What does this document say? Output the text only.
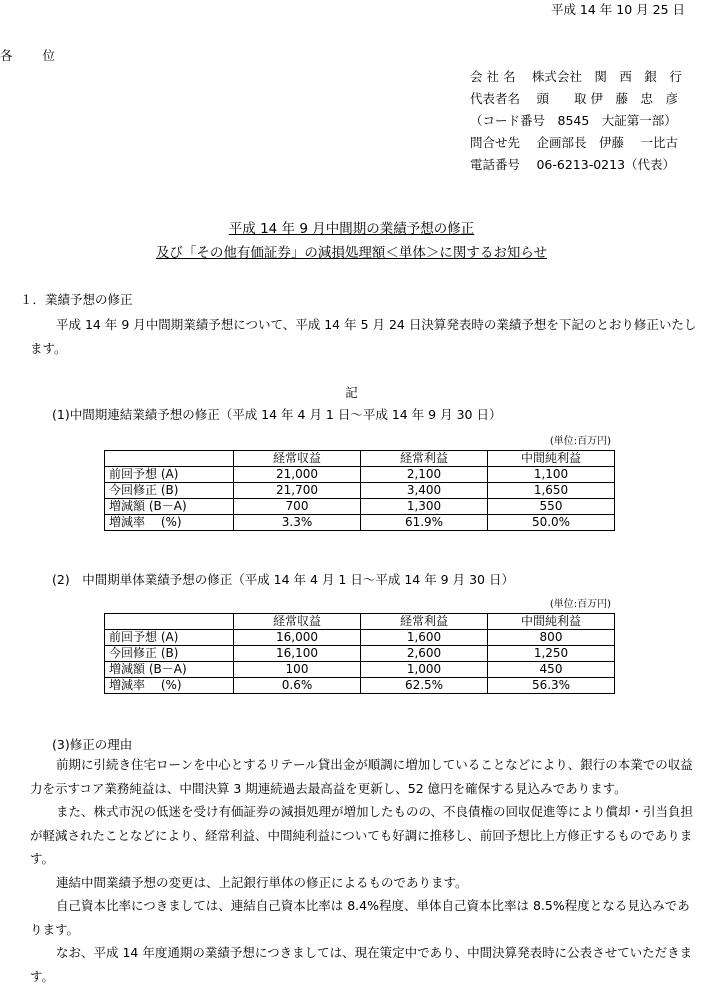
平成 14 年 10 月 25 日
各 位
会 社 名　 株式会社　関　西　銀　行
代表者名　 頭　　取 伊　藤　忠　彦
（コード番号　8545　大証第一部）
問合せ先　 企画部長　伊藤　 一比古
電話番号　 06-6213-0213（代表）
平成 14 年 9 月中間期の業績予想の修正
及び「その他有価証券」の減損処理額＜単体＞に関するお知らせ
１．業績予想の修正
平成 14 年 9 月中間期業績予想について、平成 14 年 5 月 24 日決算発表時の業績予想を下記のとおり修正いたします。
記
(1)中間期連結業績予想の修正（平成 14 年 4 月 1 日～平成 14 年 9 月 30 日）
(単位:百万円)
	経常収益	経常利益	中間純利益
前回予想 (A)	21,000	2,100	1,100
今回修正 (B)	21,700	3,400	1,650
増減額 (B－A)	700	1,300	550
増減率　 (%)	3.3%	61.9%	50.0%
(2)　中間期単体業績予想の修正（平成 14 年 4 月 1 日～平成 14 年 9 月 30 日）
(単位:百万円)
	経常収益	経常利益	中間純利益
前回予想 (A)	16,000	1,600	800
今回修正 (B)	16,100	2,600	1,250
増減額 (B－A)	100	1,000	450
増減率　 (%)	0.6%	62.5%	56.3%
(3)修正の理由

前期に引続き住宅ローンを中心とするリテール貸出金が順調に増加していることなどにより、銀行の本業での収益力を示すコア業務純益は、中間決算 3 期連続過去最高益を更新し、52 億円を確保する見込みであります。

また、株式市況の低迷を受け有価証券の減損処理が増加したものの、不良債権の回収促進等により償却・引当負担が軽減されたことなどにより、経常利益、中間純利益についても好調に推移し、前回予想比上方修正するものであります。

連結中間業績予想の変更は、上記銀行単体の修正によるものであります。

自己資本比率につきましては、連結自己資本比率は 8.4%程度、単体自己資本比率は 8.5%程度となる見込みであります。

なお、平成 14 年度通期の業績予想につきましては、現在策定中であり、中間決算発表時に公表させていただきます。
